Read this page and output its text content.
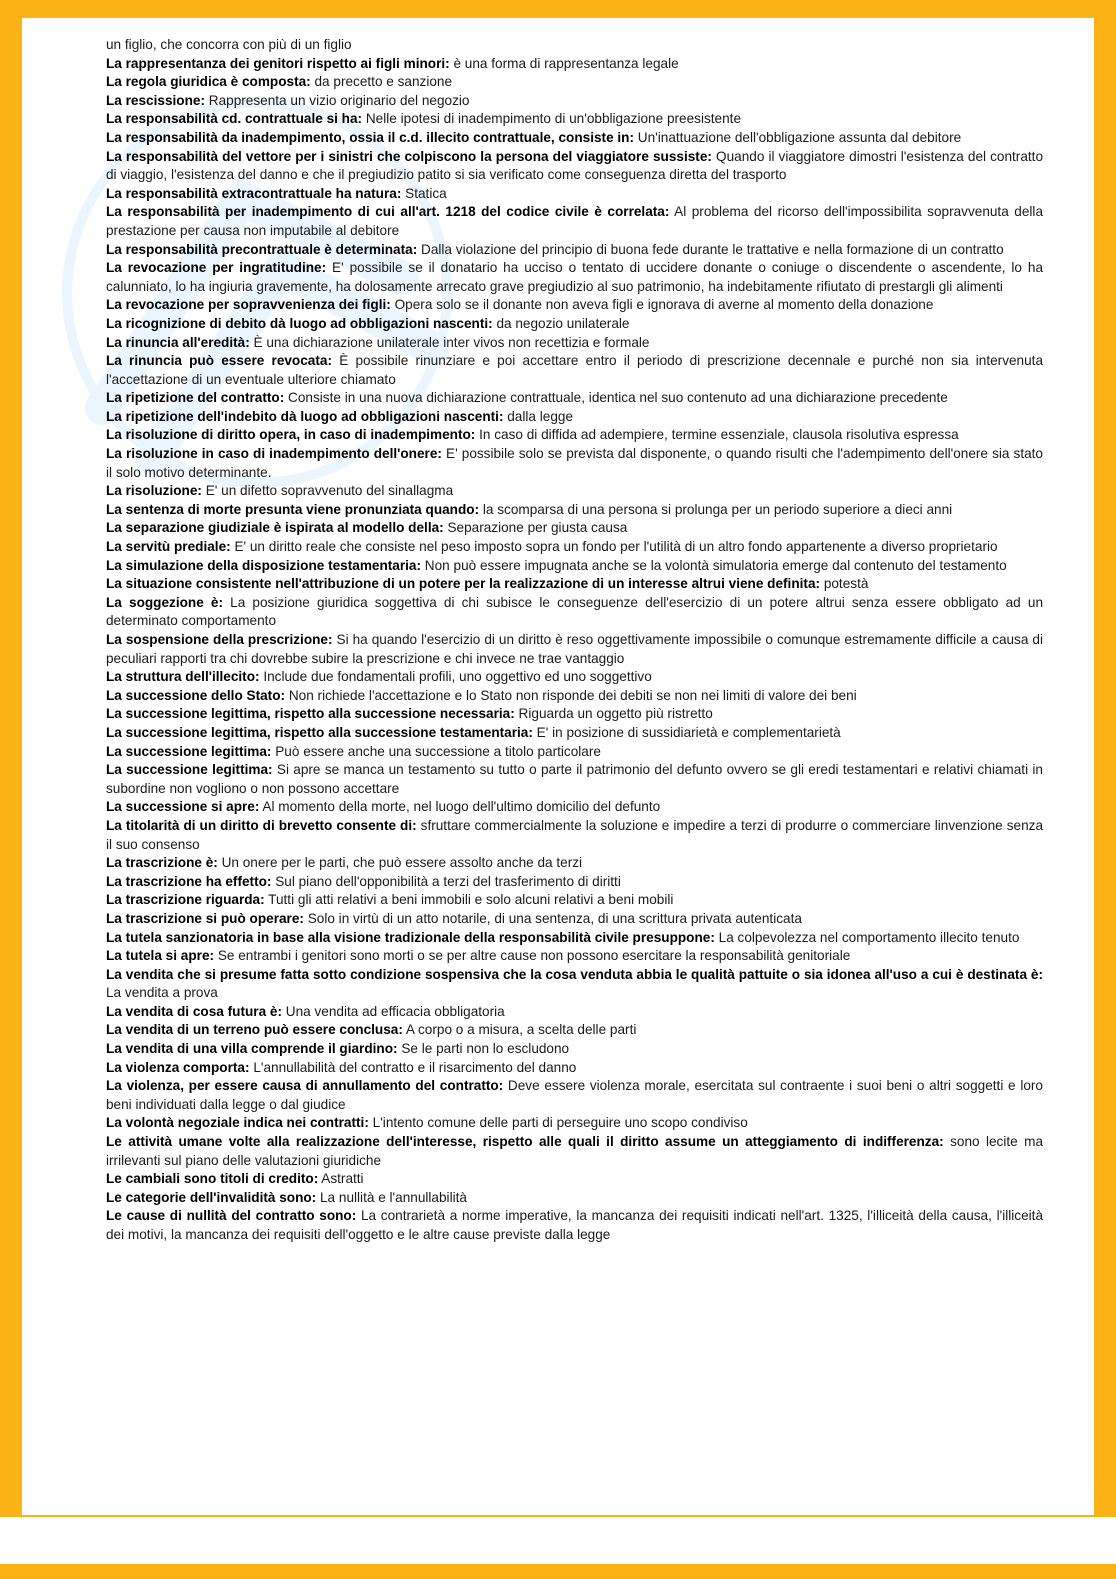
un figlio, che concorra con più di un figlio

La rappresentanza dei genitori rispetto ai figli minori: è una forma di rappresentanza legale

La regola giuridica è composta: da precetto e sanzione

La rescissione: Rappresenta un vizio originario del negozio

La responsabilità cd. contrattuale si ha: Nelle ipotesi di inadempimento di un'obbligazione preesistente

La responsabilità da inadempimento, ossia il c.d. illecito contrattuale, consiste in: Un'inattuazione dell'obbligazione assunta dal debitore

La responsabilità del vettore per i sinistri che colpiscono la persona del viaggiatore sussiste: Quando il viaggiatore dimostri l'esistenza del contratto di viaggio, l'esistenza del danno e che il pregiudizio patito si sia verificato come conseguenza diretta del trasporto

La responsabilità extracontrattuale ha natura: Statica

La responsabilità per inadempimento di cui all'art. 1218 del codice civile è correlata: Al problema del ricorso dell'impossibilita sopravvenuta della prestazione per causa non imputabile al debitore

La responsabilità precontrattuale è determinata: Dalla violazione del principio di buona fede durante le trattative e nella formazione di un contratto

La revocazione per ingratitudine: E' possibile se il donatario ha ucciso o tentato di uccidere donante o coniuge o discendente o ascendente, lo ha calunniato, lo ha ingiuria gravemente, ha dolosamente arrecato grave pregiudizio al suo patrimonio, ha indebitamente rifiutato di prestargli gli alimenti

La revocazione per sopravvenienza dei figli: Opera solo se il donante non aveva figli e ignorava di averne al momento della donazione

La ricognizione di debito dà luogo ad obbligazioni nascenti: da negozio unilaterale

La rinuncia all'eredità: È una dichiarazione unilaterale inter vivos non recettizia e formale

La rinuncia può essere revocata: È possibile rinunziare e poi accettare entro il periodo di prescrizione decennale e purché non sia intervenuta l'accettazione di un eventuale ulteriore chiamato

La ripetizione del contratto: Consiste in una nuova dichiarazione contrattuale, identica nel suo contenuto ad una dichiarazione precedente

La ripetizione dell'indebito dà luogo ad obbligazioni nascenti: dalla legge

La risoluzione di diritto opera, in caso di inadempimento: In caso di diffida ad adempiere, termine essenziale, clausola risolutiva espressa

La risoluzione in caso di inadempimento dell'onere: E' possibile solo se prevista dal disponente, o quando risulti che l'adempimento dell'onere sia stato il solo motivo determinante.

La risoluzione: E' un difetto sopravvenuto del sinallagma

La sentenza di morte presunta viene pronunziata quando: la scomparsa di una persona si prolunga per un periodo superiore a dieci anni

La separazione giudiziale è ispirata al modello della: Separazione per giusta causa

La servitù prediale: E' un diritto reale che consiste nel peso imposto sopra un fondo per l'utilità di un altro fondo appartenente a diverso proprietario

La simulazione della disposizione testamentaria: Non può essere impugnata anche se la volontà simulatoria emerge dal contenuto del testamento

La situazione consistente nell'attribuzione di un potere per la realizzazione di un interesse altrui viene definita: potestà

La soggezione è: La posizione giuridica soggettiva di chi subisce le conseguenze dell'esercizio di un potere altrui senza essere obbligato ad un determinato comportamento

La sospensione della prescrizione: Si ha quando l'esercizio di un diritto è reso oggettivamente impossibile o comunque estremamente difficile a causa di peculiari rapporti tra chi dovrebbe subire la prescrizione e chi invece ne trae vantaggio

La struttura dell'illecito: Include due fondamentali profili, uno oggettivo ed uno soggettivo

La successione dello Stato: Non richiede l'accettazione e lo Stato non risponde dei debiti se non nei limiti di valore dei beni

La successione legittima, rispetto alla successione necessaria: Riguarda un oggetto più ristretto

La successione legittima, rispetto alla successione testamentaria: E' in posizione di sussidiarietà e complementarietà

La successione legittima: Può essere anche una successione a titolo particolare

La successione legittima: Si apre se manca un testamento su tutto o parte il patrimonio del defunto ovvero se gli eredi testamentari e relativi chiamati in subordine non vogliono o non possono accettare

La successione si apre: Al momento della morte, nel luogo dell'ultimo domicilio del defunto

La titolarità di un diritto di brevetto consente di: sfruttare commercialmente la soluzione e impedire a terzi di produrre o commerciare linvenzione senza il suo consenso

La trascrizione è: Un onere per le parti, che può essere assolto anche da terzi

La trascrizione ha effetto: Sul piano dell'opponibilità a terzi del trasferimento di diritti

La trascrizione riguarda: Tutti gli atti relativi a beni immobili e solo alcuni relativi a beni mobili

La trascrizione si può operare: Solo in virtù di un atto notarile, di una sentenza, di una scrittura privata autenticata

La tutela sanzionatoria in base alla visione tradizionale della responsabilità civile presuppone: La colpevolezza nel comportamento illecito tenuto

La tutela si apre: Se entrambi i genitori sono morti o se per altre cause non possono esercitare la responsabilità genitoriale

La vendita che si presume fatta sotto condizione sospensiva che la cosa venduta abbia le qualità pattuite o sia idonea all'uso a cui è destinata è: La vendita a prova

La vendita di cosa futura è: Una vendita ad efficacia obbligatoria

La vendita di un terreno può essere conclusa: A corpo o a misura, a scelta delle parti

La vendita di una villa comprende il giardino: Se le parti non lo escludono

La violenza comporta: L'annullabilità del contratto e il risarcimento del danno

La violenza, per essere causa di annullamento del contratto: Deve essere violenza morale, esercitata sul contraente i suoi beni o altri soggetti e loro beni individuati dalla legge o dal giudice

La volontà negoziale indica nei contratti: L'intento comune delle parti di perseguire uno scopo condiviso

Le attività umane volte alla realizzazione dell'interesse, rispetto alle quali il diritto assume un atteggiamento di indifferenza: sono lecite ma irrilevanti sul piano delle valutazioni giuridiche

Le cambiali sono titoli di credito: Astratti

Le categorie dell'invalidità sono: La nullità e l'annullabilità

Le cause di nullità del contratto sono: La contrarietà a norme imperative, la mancanza dei requisiti indicati nell'art. 1325, l'illiceità della causa, l'illiceità dei motivi, la mancanza dei requisiti dell'oggetto e le altre cause previste dalla legge
